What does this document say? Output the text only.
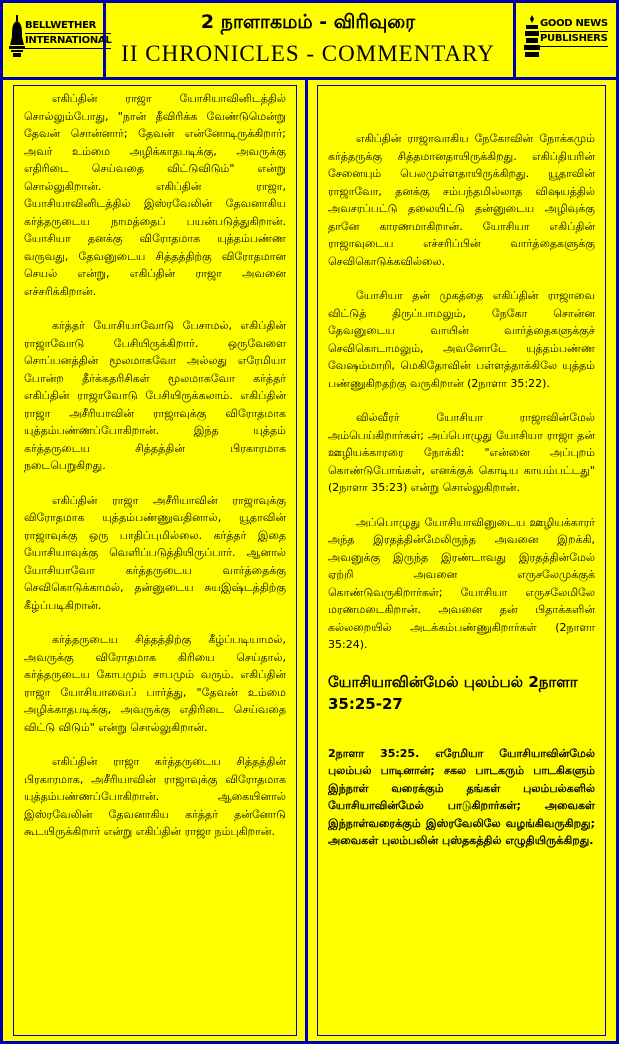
BELLWETHER
INTERNATIONAL
2 நாளாகமம் - விரிவுரை
II CHRONICLES - COMMENTARY
GOOD NEWS
PUBLISHERS

எகிப்தின் ராஜா யோசியாவினிடத்தில் சொல்லும்போது, "நான் தீவிரிக்க வேண்டுமென்று தேவன் சொன்னார்; தேவன் என்னோடிருக்கிறார்; அவர் உம்மை அழிக்காதபடிக்கு, அவருக்கு எதிரிடை செய்வதை விட்டுவிடும்" என்று சொல்லுகிறான். எகிப்தின் ராஜா, யோசியாவினிடத்தில் இஸ்ரவேலின் தேவனாகிய கர்த்தருடைய நாமத்தைப் பயன்படுத்துகிறான். யோசியா தனக்கு விரோதமாக யுத்தம்பண்ண வருவது, தேவனுடைய சித்தத்திற்கு விரோதமான செயல் என்று, எகிப்தின் ராஜா அவனை எச்சரிக்கிறான்.

கர்த்தர் யோசியாவோடு பேசாமல், எகிப்தின் ராஜாவோடு பேசியிருக்கிறார். ஒருவேளை சொப்பனத்தின் மூலமாகவோ அல்லது எரேமியா போன்ற தீர்க்கதரிசிகள் மூலமாகவோ கர்த்தர் எகிப்தின் ராஜாவோடு பேசியிருக்கலாம். எகிப்தின் ராஜா அசீரியாவின் ராஜாவுக்கு விரோதமாக யுத்தம்பண்ணப்போகிறான். இந்த யுத்தம் கர்த்தருடைய சித்தத்தின் பிரகாரமாக நடைபெறுகிறது.

எகிப்தின் ராஜா அசீரியாவின் ராஜாவுக்கு விரோதமாக யுத்தம்பண்ணுவதினால், யூதாவின் ராஜாவுக்கு ஒரு பாதிப்புமில்லை. கர்த்தர் இதை யோசியாவுக்கு வெளிப்படுத்தியிருப்பார். ஆனால் யோசியாவோ கர்த்தருடைய வார்த்தைக்கு செவிகொடுக்காமல், தன்னுடைய சுயஇஷ்டத்திற்கு கீழ்ப்படிகிறான்.

கர்த்தருடைய சித்தத்திற்கு கீழ்ப்படியாமல், அவருக்கு விரோதமாக கிரியை செய்தால், கர்த்தருடைய கோபமும் சாபமும் வரும். எகிப்தின் ராஜா யோசியாவைப் பார்த்து, "தேவன் உம்மை அழிக்காதபடிக்கு, அவருக்கு எதிரிடை செய்வதை விட்டு விடும்" என்று சொல்லுகிறான்.

எகிப்தின் ராஜா கர்த்தருடைய சித்தத்தின் பிரகாரமாக, அசீரியாவின் ராஜாவுக்கு விரோதமாக யுத்தம்பண்ணப்போகிறான். ஆகையினால் இஸ்ரவேலின் தேவனாகிய கர்த்தர் தன்னோடு கூடயிருக்கிறார் என்று எகிப்தின் ராஜா நம்புகிறான்.

எகிப்தின் ராஜாவாகிய நேகோவின் நோக்கமும் கர்த்தருக்கு சித்தமானதாயிருக்கிறது. எகிப்தியரின் சேனையும் பெலமுள்ளதாயிருக்கிறது. யூதாவின் ராஜாவோ, தனக்கு சம்பந்தமில்லாத விஷயத்தில் அவசரப்பட்டு தலையிட்டு தன்னுடைய அழிவுக்கு தானே காரணமாகிறான். யோசியா எகிப்தின் ராஜாவுடைய எச்சரிப்பின் வார்த்தைகளுக்கு செவிகொடுக்கவில்லை.

யோசியா தன் முகத்தை எகிப்தின் ராஜாவை விட்டுத் திருப்பாமலும், நேகோ சொன்ன தேவனுடைய வாயின் வார்த்தைகளுக்குச் செவிகொடாமலும், அவனோடே யுத்தம்பண்ண வேஷம்மாறி, மெகிதோவின் பள்ளத்தாக்கிலே யுத்தம் பண்ணுகிறதற்கு வருகிறான் (2நாளா 35:22).

வில்வீரர் யோசியா ராஜாவின்மேல் அம்பெய்கிறார்கள்; அப்பொழுது யோசியா ராஜா தன் ஊழியக்காரரை நோக்கி: "என்னை அப்புறம் கொண்டுபோங்கள், எனக்குக் கொடிய காயம்பட்டது" (2நாளா 35:23) என்று சொல்லுகிறான்.

அப்பொழுது யோசியாவினுடைய ஊழியக்காரர் அந்த இரதத்தின்மேலிருந்த அவனை இறக்கி, அவனுக்கு இருந்த இரண்டாவது இரதத்தின்மேல் ஏற்றி அவனை எருசலேமுக்குக் கொண்டுவருகிறார்கள்; யோசியா எருசலேமிலே மரணமடைகிறான். அவனை தன் பிதாக்களின் கல்லறையில் அடக்கம்பண்ணுகிறார்கள் (2நாளா 35:24).

யோசியாவின்மேல் புலம்பல் 2நாளா 35:25-27

2நாளா 35:25. எரேமியா யோசியாவின்மேல் புலம்பல் பாடினான்; சகல பாடகரும் பாடகிகளும் இந்நாள் வரைக்கும் தங்கள் புலம்பல்களில் யோசியாவின்மேல் பாடுகிறார்கள்; அவைகள் இந்நாள்வரைக்கும் இஸ்ரவேலிலே வழங்கிவருகிறது; அவைகள் புலம்பலின் புஸ்தகத்தில் எழுதியிருக்கிறது.
